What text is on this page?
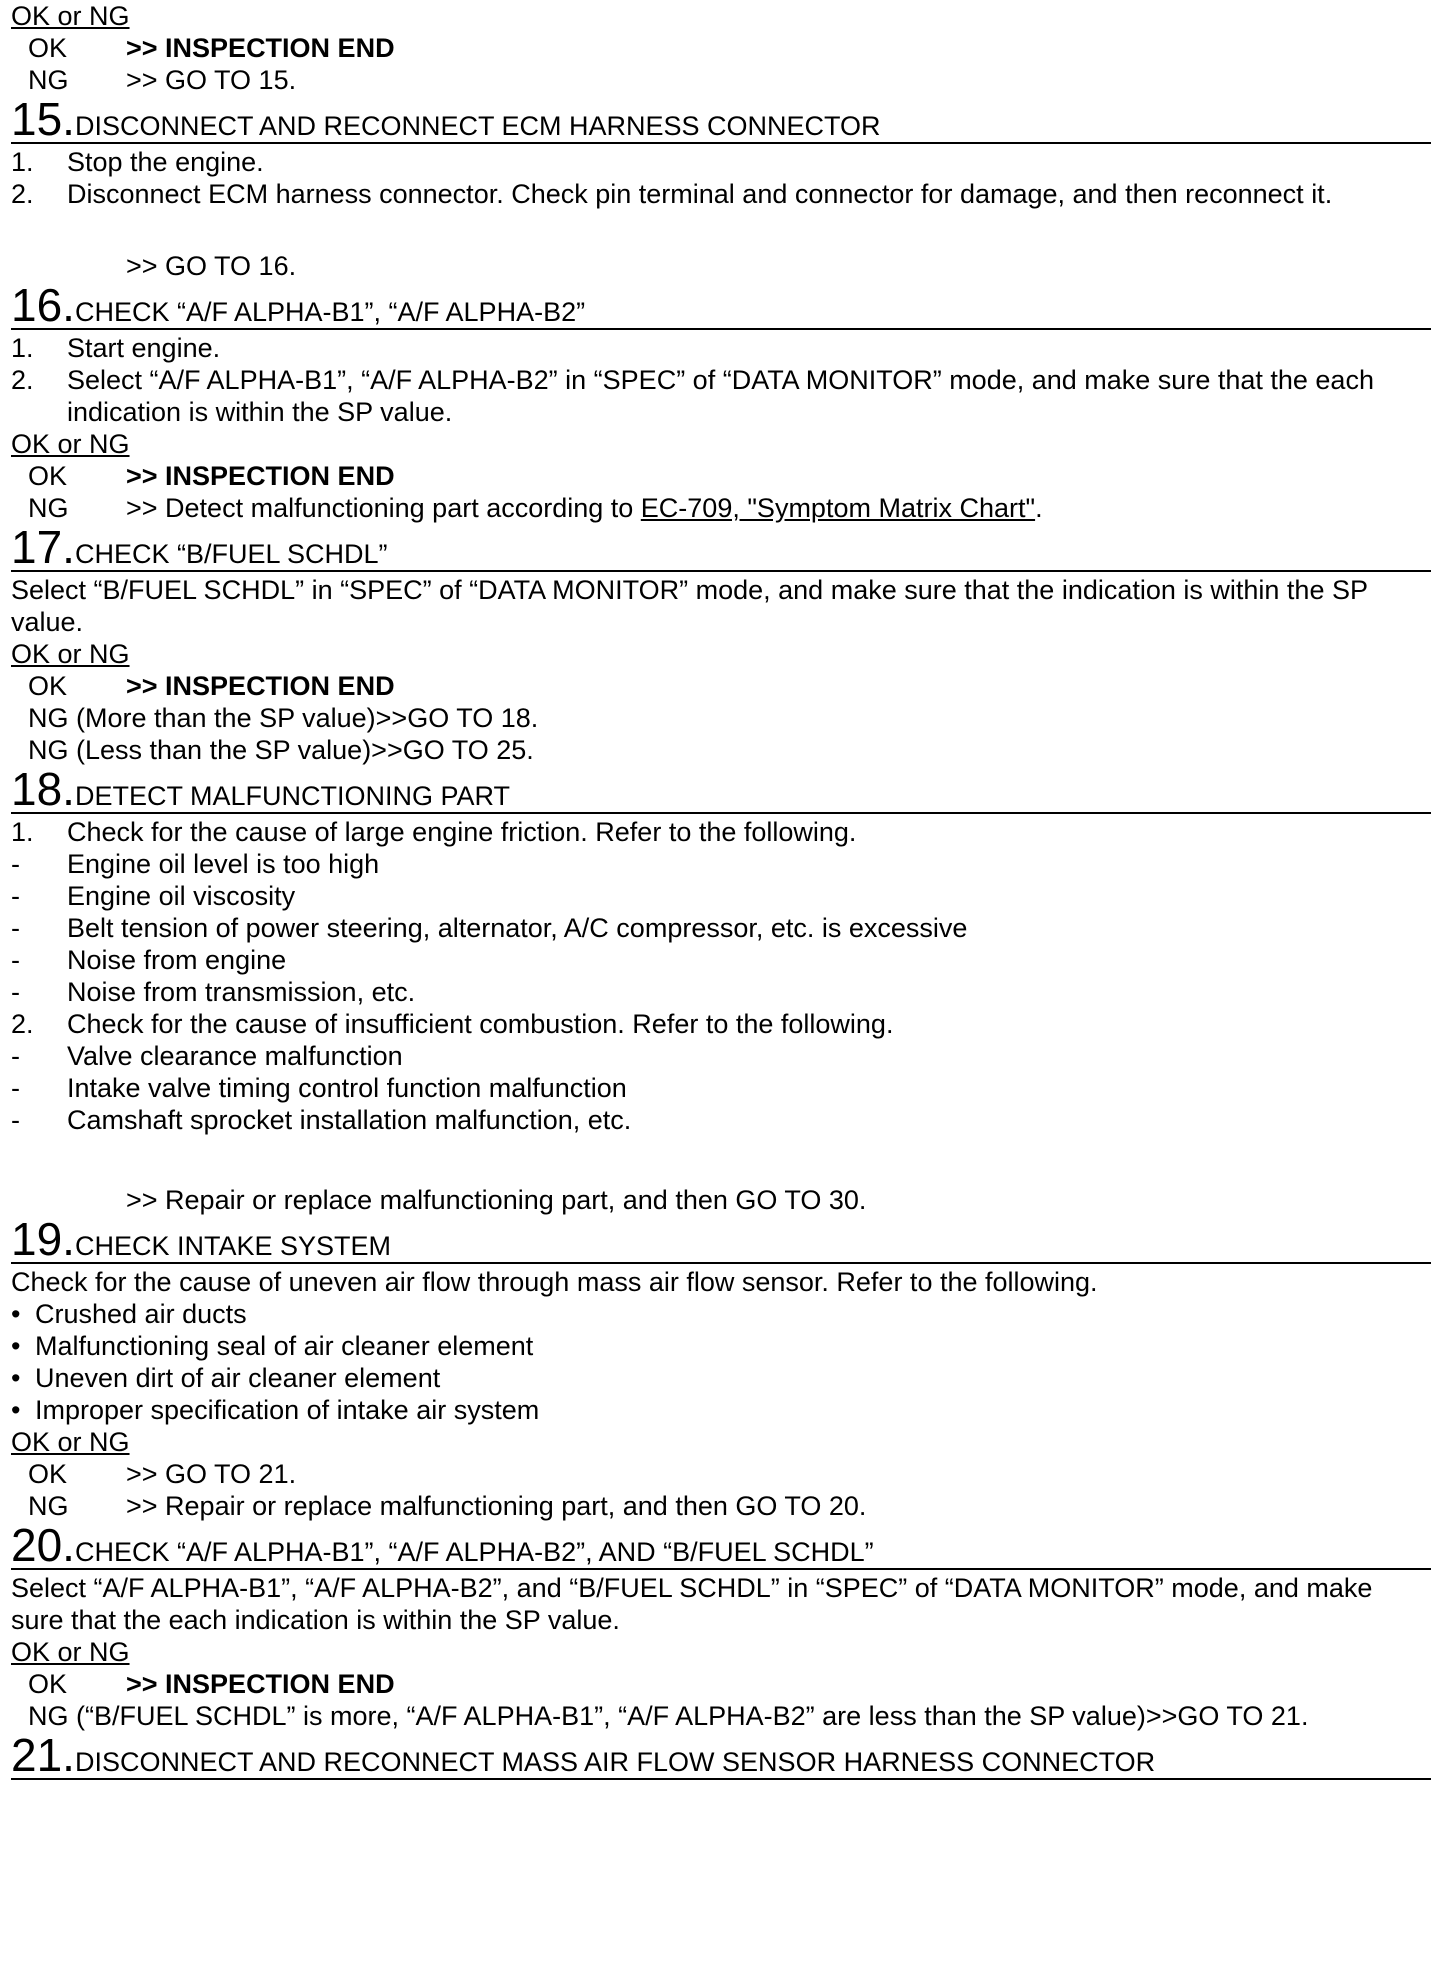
OK or NG
OK	>> INSPECTION END
NG	>> GO TO 15.
15. DISCONNECT AND RECONNECT ECM HARNESS CONNECTOR
1.	Stop the engine.
2.	Disconnect ECM harness connector. Check pin terminal and connector for damage, and then reconnect it.
>> GO TO 16.
16. CHECK “A/F ALPHA-B1”, “A/F ALPHA-B2”
1.	Start engine.
2.	Select “A/F ALPHA-B1”, “A/F ALPHA-B2” in “SPEC” of “DATA MONITOR” mode, and make sure that the each indication is within the SP value.
OK or NG
OK	>> INSPECTION END
NG	>> Detect malfunctioning part according to EC-709, "Symptom Matrix Chart".
17. CHECK “B/FUEL SCHDL”
Select “B/FUEL SCHDL” in “SPEC” of “DATA MONITOR” mode, and make sure that the indication is within the SP value.
OK or NG
OK	>> INSPECTION END
NG (More than the SP value)>>GO TO 18.
NG (Less than the SP value)>>GO TO 25.
18. DETECT MALFUNCTIONING PART
1.	Check for the cause of large engine friction. Refer to the following.
-	Engine oil level is too high
-	Engine oil viscosity
-	Belt tension of power steering, alternator, A/C compressor, etc. is excessive
-	Noise from engine
-	Noise from transmission, etc.
2.	Check for the cause of insufficient combustion. Refer to the following.
-	Valve clearance malfunction
-	Intake valve timing control function malfunction
-	Camshaft sprocket installation malfunction, etc.
>> Repair or replace malfunctioning part, and then GO TO 30.
19. CHECK INTAKE SYSTEM
Check for the cause of uneven air flow through mass air flow sensor. Refer to the following.
• Crushed air ducts
• Malfunctioning seal of air cleaner element
• Uneven dirt of air cleaner element
• Improper specification of intake air system
OK or NG
OK	>> GO TO 21.
NG	>> Repair or replace malfunctioning part, and then GO TO 20.
20. CHECK “A/F ALPHA-B1”, “A/F ALPHA-B2”, AND “B/FUEL SCHDL”
Select “A/F ALPHA-B1”, “A/F ALPHA-B2”, and “B/FUEL SCHDL” in “SPEC” of “DATA MONITOR” mode, and make sure that the each indication is within the SP value.
OK or NG
OK	>> INSPECTION END
NG (“B/FUEL SCHDL” is more, “A/F ALPHA-B1”, “A/F ALPHA-B2” are less than the SP value)>>GO TO 21.
21. DISCONNECT AND RECONNECT MASS AIR FLOW SENSOR HARNESS CONNECTOR
